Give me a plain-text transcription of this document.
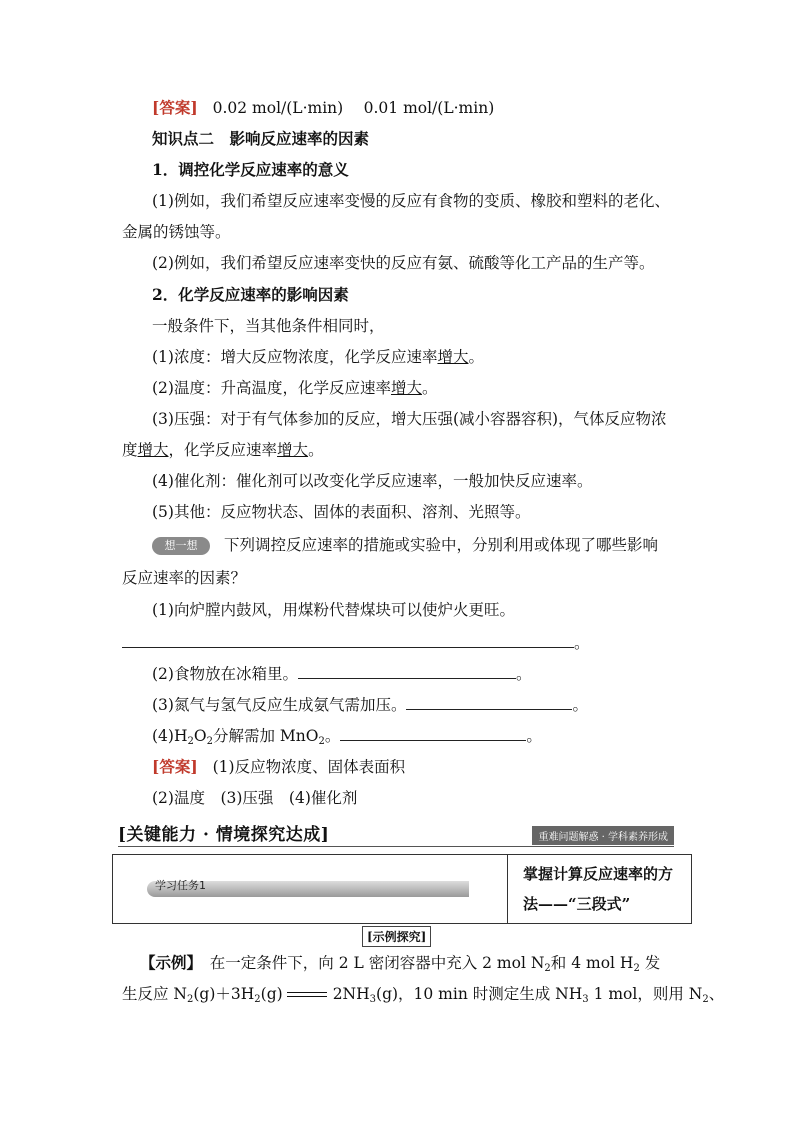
[答案] 0.02 mol/(L·min)　 0.01 mol/(L·min)
知识点二　影响反应速率的因素
1．调控化学反应速率的意义
(1)例如，我们希望反应速率变慢的反应有食物的变质、橡胶和塑料的老化、
金属的锈蚀等。
(2)例如，我们希望反应速率变快的反应有氨、硫酸等化工产品的生产等。
2．化学反应速率的影响因素
一般条件下，当其他条件相同时，
(1)浓度：增大反应物浓度，化学反应速率增大。
(2)温度：升高温度，化学反应速率增大。
(3)压强：对于有气体参加的反应，增大压强(减小容器容积)，气体反应物浓
度增大，化学反应速率增大。
(4)催化剂：催化剂可以改变化学反应速率，一般加快反应速率。
(5)其他：反应物状态、固体的表面积、溶剂、光照等。
想一想 下列调控反应速率的措施或实验中，分别利用或体现了哪些影响
反应速率的因素？
(1)向炉膛内鼓风，用煤粉代替煤块可以使炉火更旺。
。
(2)食物放在冰箱里。	。
(3)氮气与氢气反应生成氨气需加压。	。
$(4)H_2O_2$分解需加 MnO$_2$。	。
[答案] (1)反应物浓度、固体表面积
(2)温度　(3)压强　(4)催化剂
[关键能力 · 情境探究达成]	重难问题解惑 · 学科素养形成
学习任务1
掌握计算反应速率的方法——“三段式”
[示例探究]
【示例】　在一定条件下，向 2 L 密闭容器中充入 2 mol $N_2$和 4 mol $H_2$ 发
生反应 $N_2(g)+3H_2(g)$	$2NH_3(g)$，10 min 时测定生成 $NH_3$ 1 mol，则用 $N_2$、
